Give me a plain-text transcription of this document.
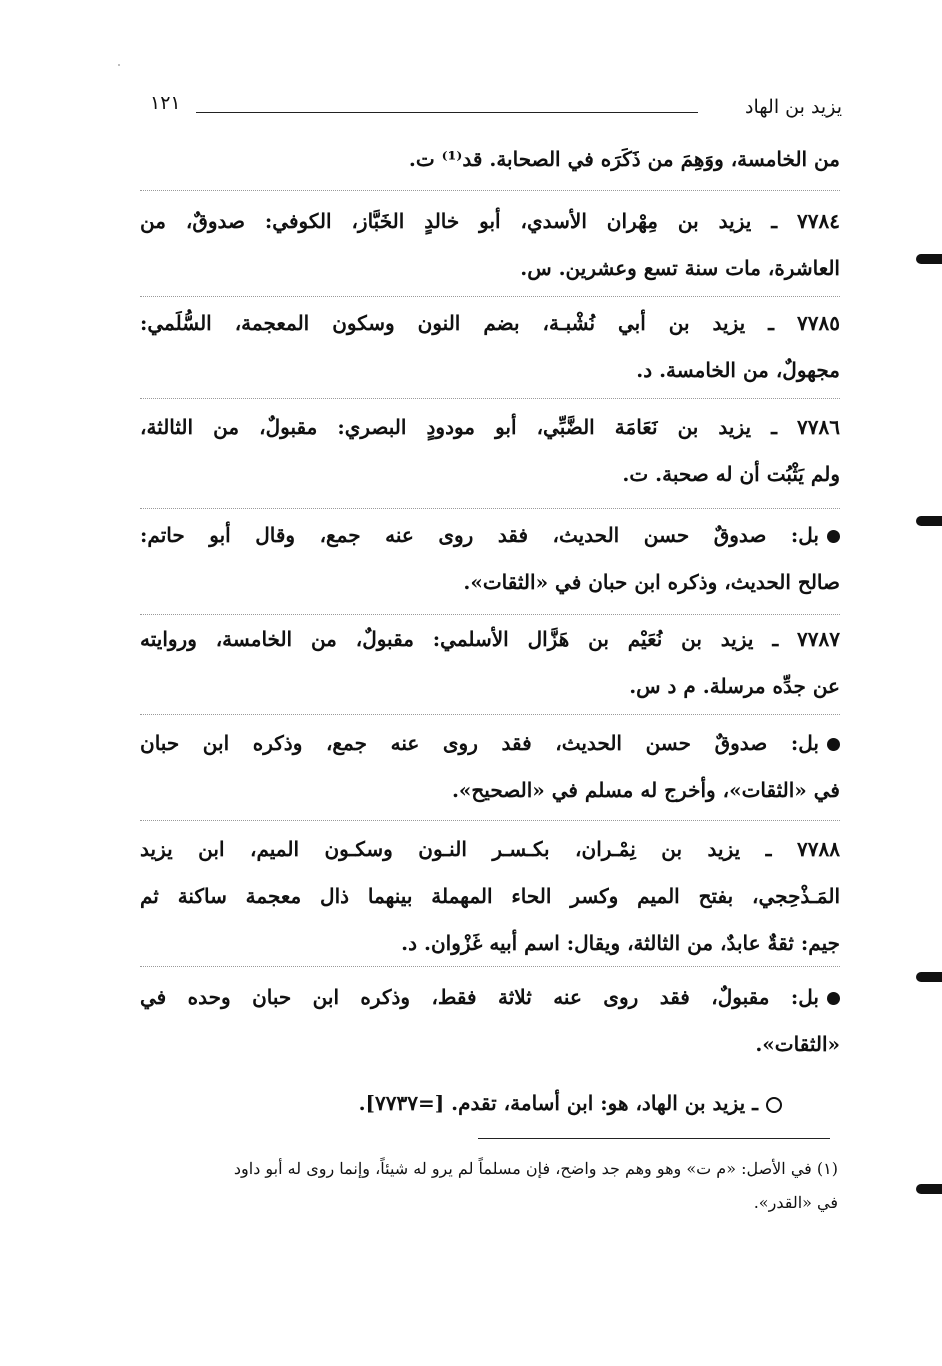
يزيد بن الهاد
١٢١
من الخامسة، ووَهِمَ من ذَكَرَه في الصحابة. قد⁽¹⁾ ت.
٧٧٨٤ ـ يزيد بن مِهْران الأسدي، أبو خالدٍ الخَبَّاز، الكوفي: صدوقٌ، من
العاشرة، مات سنة تسع وعشرين. س.
٧٧٨٥ ـ يزيد بن أبي نُشْبـة، بضم النون وسكون المعجمة، السُّلَمي:
مجهولٌ، من الخامسة. د.
٧٧٨٦ ـ يزيد بن نَعَامَة الضَّبِّي، أبو مودودٍ البصري: مقبولٌ، من الثالثة،
ولم يَثْبُت أن له صحبة. ت.
بل: صدوقٌ حسن الحديث، فقد روى عنه جمع، وقال أبو حاتم:
صالح الحديث، وذكره ابن حبان في «الثقات».
٧٧٨٧ ـ يزيد بن نُعَيْم بن هَزَّال الأسلمي: مقبولٌ، من الخامسة، وروايته
عن جدِّه مرسلة. م د س.
بل: صدوقٌ حسن الحديث، فقد روى عنه جمع، وذكره ابن حبان
في «الثقات»، وأخرج له مسلم في «الصحيح».
٧٧٨٨ ـ يزيد بن نِمْـران، بكـسـر النـون وسكـون الميم، ابن يزيد
المَـذْحِجي، بفتح الميم وكسر الحاء المهملة بينهما ذال معجمة ساكنة ثم
جيم: ثقةٌ عابدٌ، من الثالثة، ويقال: اسم أبيه غَزْوان. د.
بل: مقبولٌ، فقد روى عنه ثلاثة فقط، وذكره ابن حبان وحده في
«الثقات».
ـ يزيد بن الهاد، هو: ابن أسامة، تقدم. [=٧٧٣٧].
(١) في الأصل: «م ت» وهو وهم جد واضح، فإن مسلماً لم يرو له شيئاً، وإنما روى له أبو داود
في «القدر».
